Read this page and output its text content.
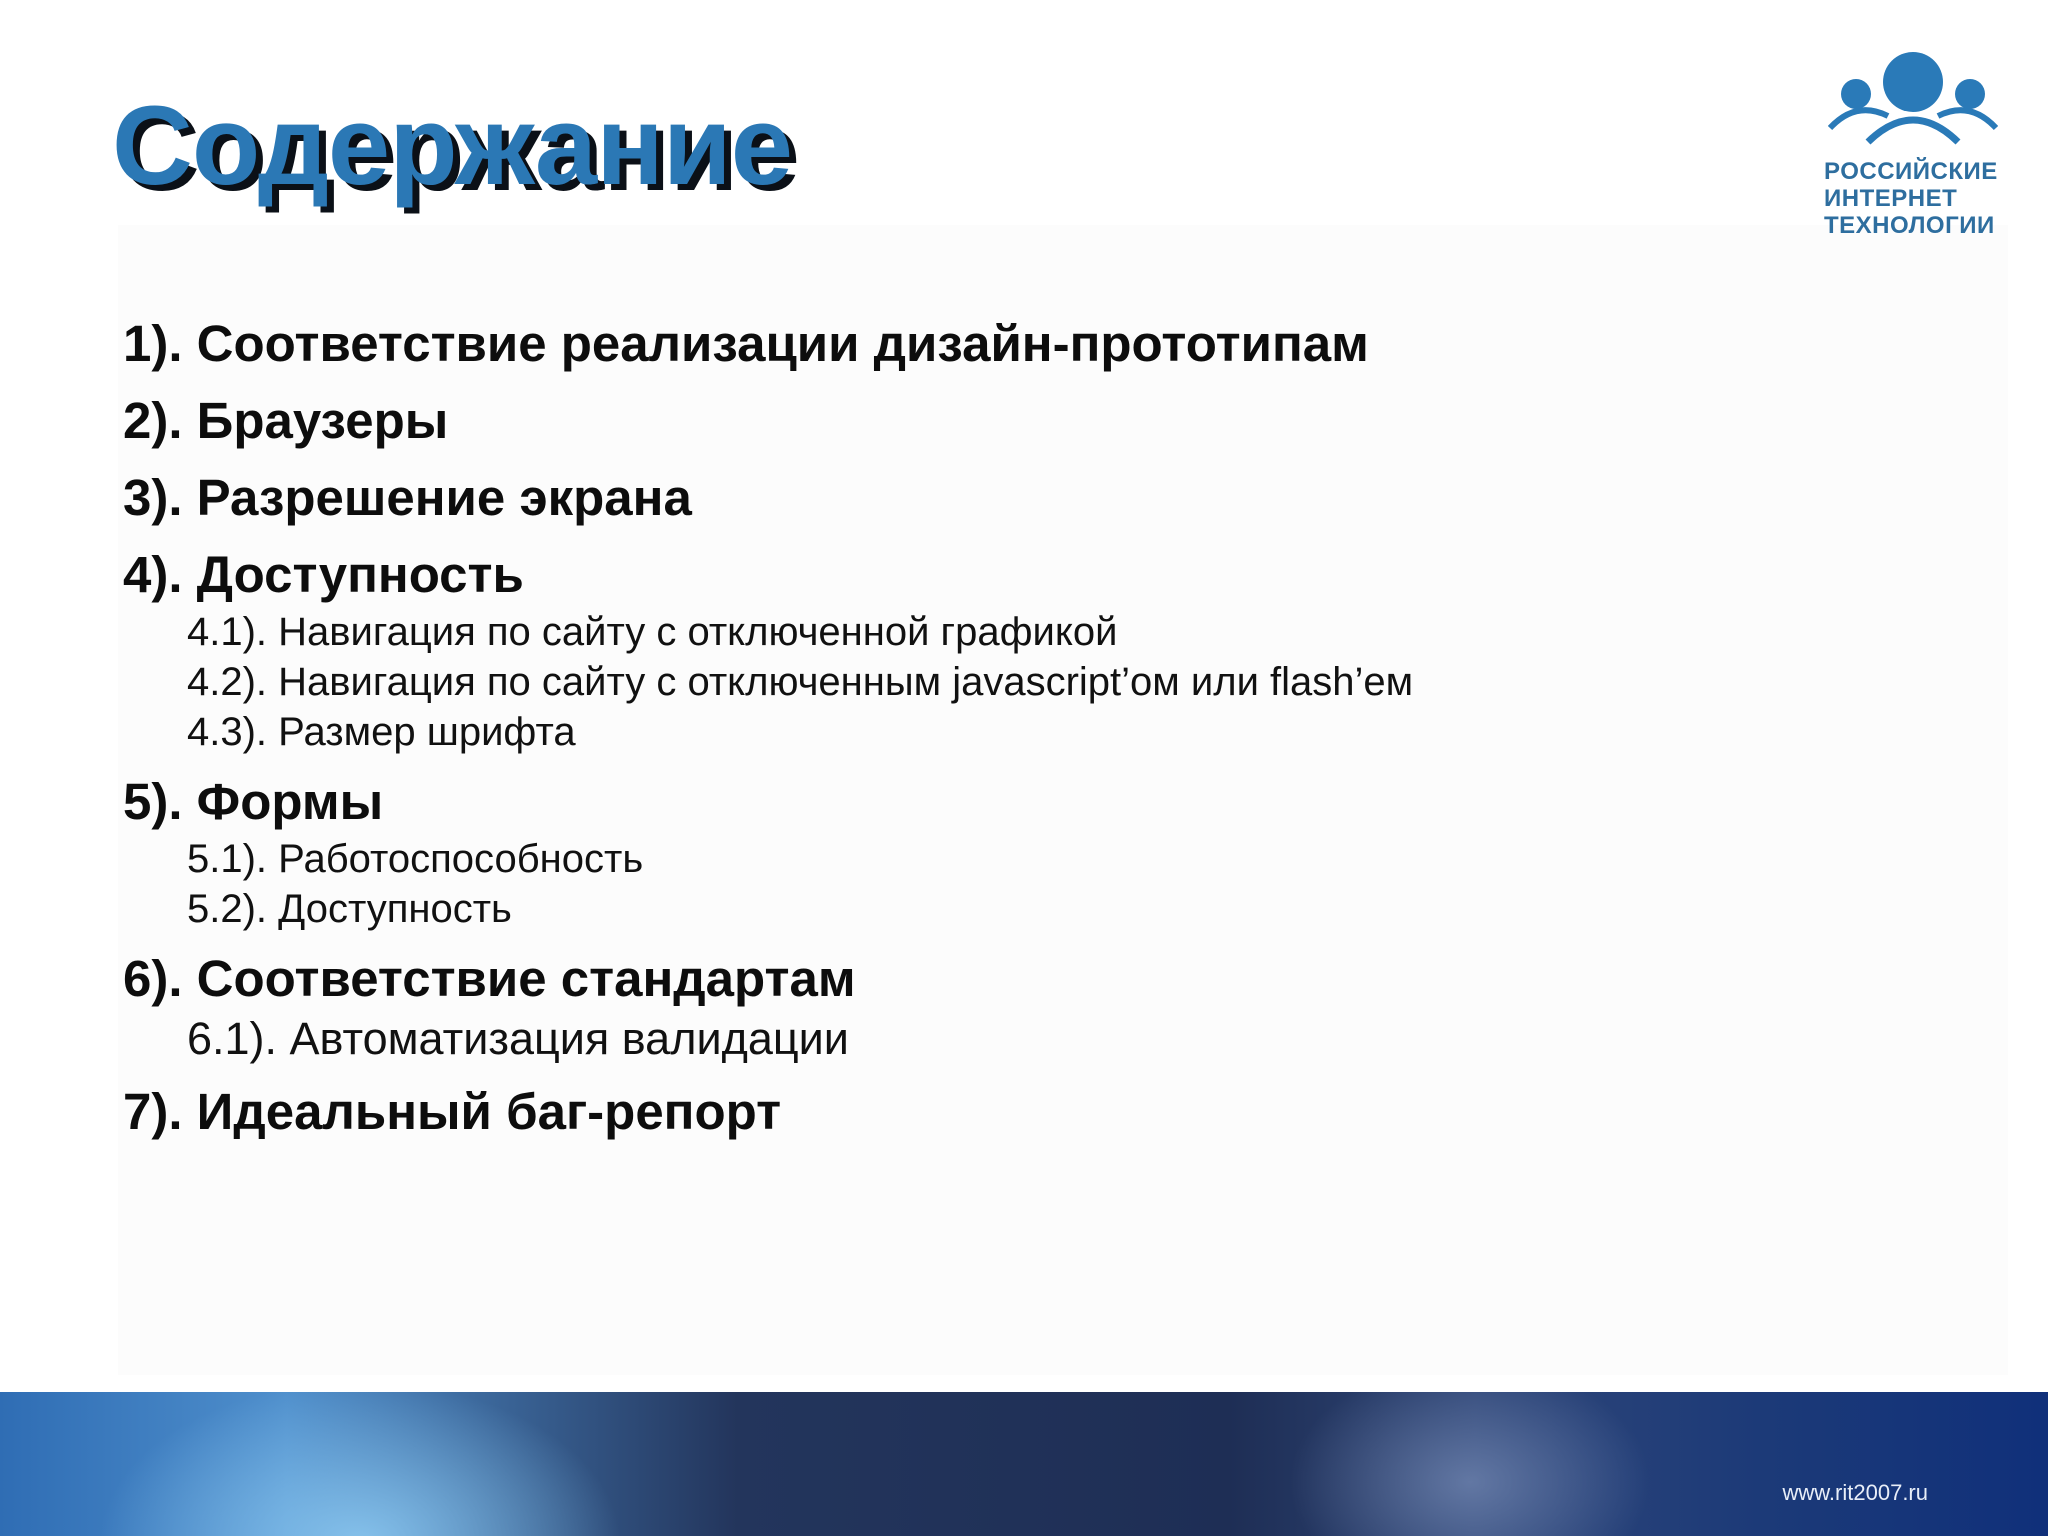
Содержание	РОССИЙСКИЕ
ИНТЕРНЕТ
ТЕХНОЛОГИИ
1). Соответствие реализации дизайн-прототипам
2). Браузеры
3). Разрешение экрана
4). Доступность
4.1). Навигация по сайту с отключенной графикой
4.2). Навигация по сайту с отключенным javascript’ом или flash’ем
4.3). Размер шрифта
5). Формы
5.1). Работоспособность
5.2). Доступность
6). Соответствие стандартам
6.1). Автоматизация валидации
7). Идеальный баг-репорт
www.rit2007.ru
